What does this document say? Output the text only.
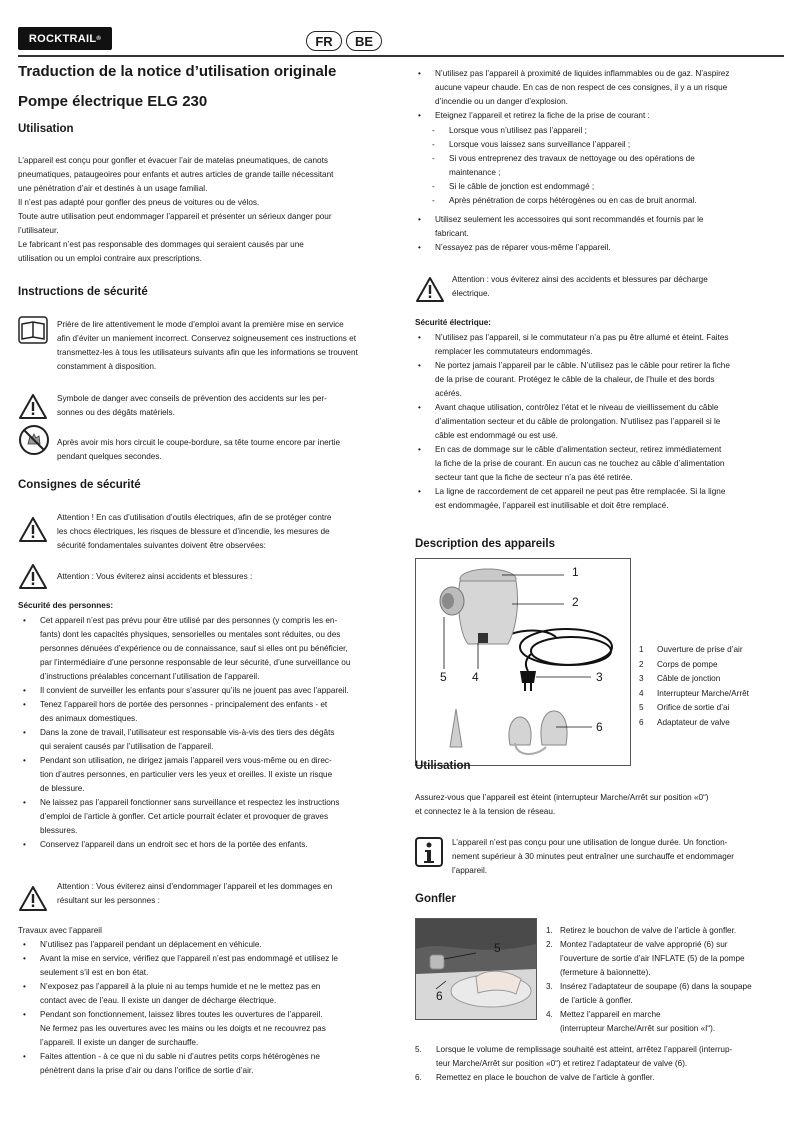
ROCKTRAIL ®	FR BE
Traduction de la notice d’utilisation originale
Pompe électrique ELG 230
Utilisation
L’appareil est conçu pour gonfler et évacuer l’air de matelas pneumatiques, de canots
pneumatiques, pataugeoires pour enfants et autres articles de grande taille nécessitant
une pénétration d’air et destinés à un usage familial.
Il n’est pas adapté pour gonfler des pneus de voitures ou de vélos.
Toute autre utilisation peut endommager l’appareil et présenter un sérieux danger pour
l’utilisateur.
Le fabricant n’est pas responsable des dommages qui seraient causés par une
utilisation ou un emploi contraire aux prescriptions.
Instructions de sécurité
Prière de lire attentivement le mode d’emploi avant la première mise en service
afin d’éviter un maniement incorrect. Conservez soigneusement ces instructions et
transmettez-les à tous les utilisateurs suivants afin que les informations se trouvent
constamment à disposition.
Symbole de danger avec conseils de prévention des accidents sur les per-
sonnes ou des dégâts matériels.
Après avoir mis hors circuit le coupe-bordure, sa tête tourne encore par inertie
pendant quelques secondes.
Consignes de sécurité
Attention ! En cas d’utilisation d’outils électriques, afin de se protéger contre
les chocs électriques, les risques de blessure et d’incendie, les mesures de
sécurité fondamentales suivantes doivent être observées:
Attention : Vous éviterez ainsi accidents et blessures :
Sécurité des personnes:
• Cet appareil n’est pas prévu pour être utilisé par des personnes (y compris les en-
fants) dont les capacités physiques, sensorielles ou mentales sont réduites, ou des
personnes dénuées d’expérience ou de connaissance, sauf si elles ont pu bénéficier,
par l’intermédiaire d’une personne responsable de leur sécurité, d’une surveillance ou
d’instructions préalables concernant l’utilisation de l’appareil.
• Il convient de surveiller les enfants pour s’assurer qu’ils ne jouent pas avec l’appareil.
• Tenez l’appareil hors de portée des personnes - principalement des enfants - et
des animaux domestiques.
• Dans la zone de travail, l’utilisateur est responsable vis-à-vis des tiers des dégâts
qui seraient causés par l’utilisation de l’appareil.
• Pendant son utilisation, ne dirigez jamais l’appareil vers vous-même ou en direc-
tion d’autres personnes, en particulier vers les yeux et oreilles. Il existe un risque
de blessure.
• Ne laissez pas l’appareil fonctionner sans surveillance et respectez les instructions
d’emploi de l’article à gonfler. Cet article pourrait éclater et provoquer de graves
blessures.
• Conservez l’appareil dans un endroit sec et hors de la portée des enfants.
Attention : Vous éviterez ainsi d’endommager l’appareil et les dommages en
résultant sur les personnes :
Travaux avec l’appareil
• N’utilisez pas l’appareil pendant un déplacement en véhicule.
• Avant la mise en service, vérifiez que l’appareil n’est pas endommagé et utilisez le
seulement s’il est en bon état.
• N’exposez pas l’appareil à la pluie ni au temps humide et ne le mettez pas en
contact avec de l’eau. Il existe un danger de décharge électrique.
• Pendant son fonctionnement, laissez libres toutes les ouvertures de l’appareil.
Ne fermez pas les ouvertures avec les mains ou les doigts et ne recouvrez pas
l’appareil. Il existe un danger de surchauffe.
• Faites attention - à ce que ni du sable ni d’autres petits corps hétérogènes ne
pénètrent dans la prise d’air ou dans l’orifice de sortie d’air.
• N’utilisez pas l’appareil à proximité de liquides inflammables ou de gaz. N’aspirez
aucune vapeur chaude. En cas de non respect de ces consignes, il y a un risque
d’incendie ou un danger d’explosion.
• Eteignez l’appareil et retirez la fiche de la prise de courant :
- Lorsque vous n’utilisez pas l’appareil ;
- Lorsque vous laissez sans surveillance l’appareil ;
- Si vous entreprenez des travaux de nettoyage ou des opérations de
maintenance ;
- Si le câble de jonction est endommagé ;
- Après pénétration de corps hétérogènes ou en cas de bruit anormal.
• Utilisez seulement les accessoires qui sont recommandés et fournis par le
fabricant.
• N’essayez pas de réparer vous-même l’appareil.
Attention : vous éviterez ainsi des accidents et blessures par décharge
électrique.
Sécurité électrique:
• N’utilisez pas l’appareil, si le commutateur n’a pas pu être allumé et éteint. Faites
remplacer les commutateurs endommagés.
• Ne portez jamais l’appareil par le câble. N’utilisez pas le câble pour retirer la fiche
de la prise de courant. Protégez le câble de la chaleur, de l’huile et des bords
acérés.
• Avant chaque utilisation, contrôlez l’état et le niveau de vieillissement du câble
d’alimentation secteur et du câble de prolongation. N’utilisez pas l’appareil si le
câble est endommagé ou est usé.
• En cas de dommage sur le câble d’alimentation secteur, retirez immédiatement
la fiche de la prise de courant. En aucun cas ne touchez au câble d’alimentation
secteur tant que la fiche de secteur n’a pas été retirée.
• La ligne de raccordement de cet appareil ne peut pas être remplacée. Si la ligne
est endommagée, l’appareil est inutilisable et doit être remplacé.
Description des appareils
1
2
3
4
5
6
1 Ouverture de prise d’air
2 Corps de pompe
3 Câble de jonction
4 Interrupteur Marche/Arrêt
5 Orifice de sortie d’ai
6 Adaptateur de valve
Utilisation
Assurez-vous que l’appareil est éteint (interrupteur Marche/Arrêt sur position «0“)
et connectez le à la tension de réseau.
L’appareil n’est pas conçu pour une utilisation de longue durée. Un fonction-
nement supérieur à 30 minutes peut entraîner une surchauffe et endommager
l’appareil.
Gonfler
5
6
1. Retirez le bouchon de valve de l’article à gonfler.
2. Montez l’adaptateur de valve approprié (6) sur
l’ouverture de sortie d’air INFLATE (5) de la pompe
(fermeture à baïonnette).
3. Insérez l’adaptateur de soupape (6) dans la soupape
de l’article à gonfler.
4. Mettez l’appareil en marche
(interrupteur Marche/Arrêt sur position «I“).
5. Lorsque le volume de remplissage souhaité est atteint, arrêtez l’appareil (interrup-
teur Marche/Arrêt sur position «0“) et retirez l’adaptateur de valve (6).
6. Remettez en place le bouchon de valve de l’article à gonfler.
